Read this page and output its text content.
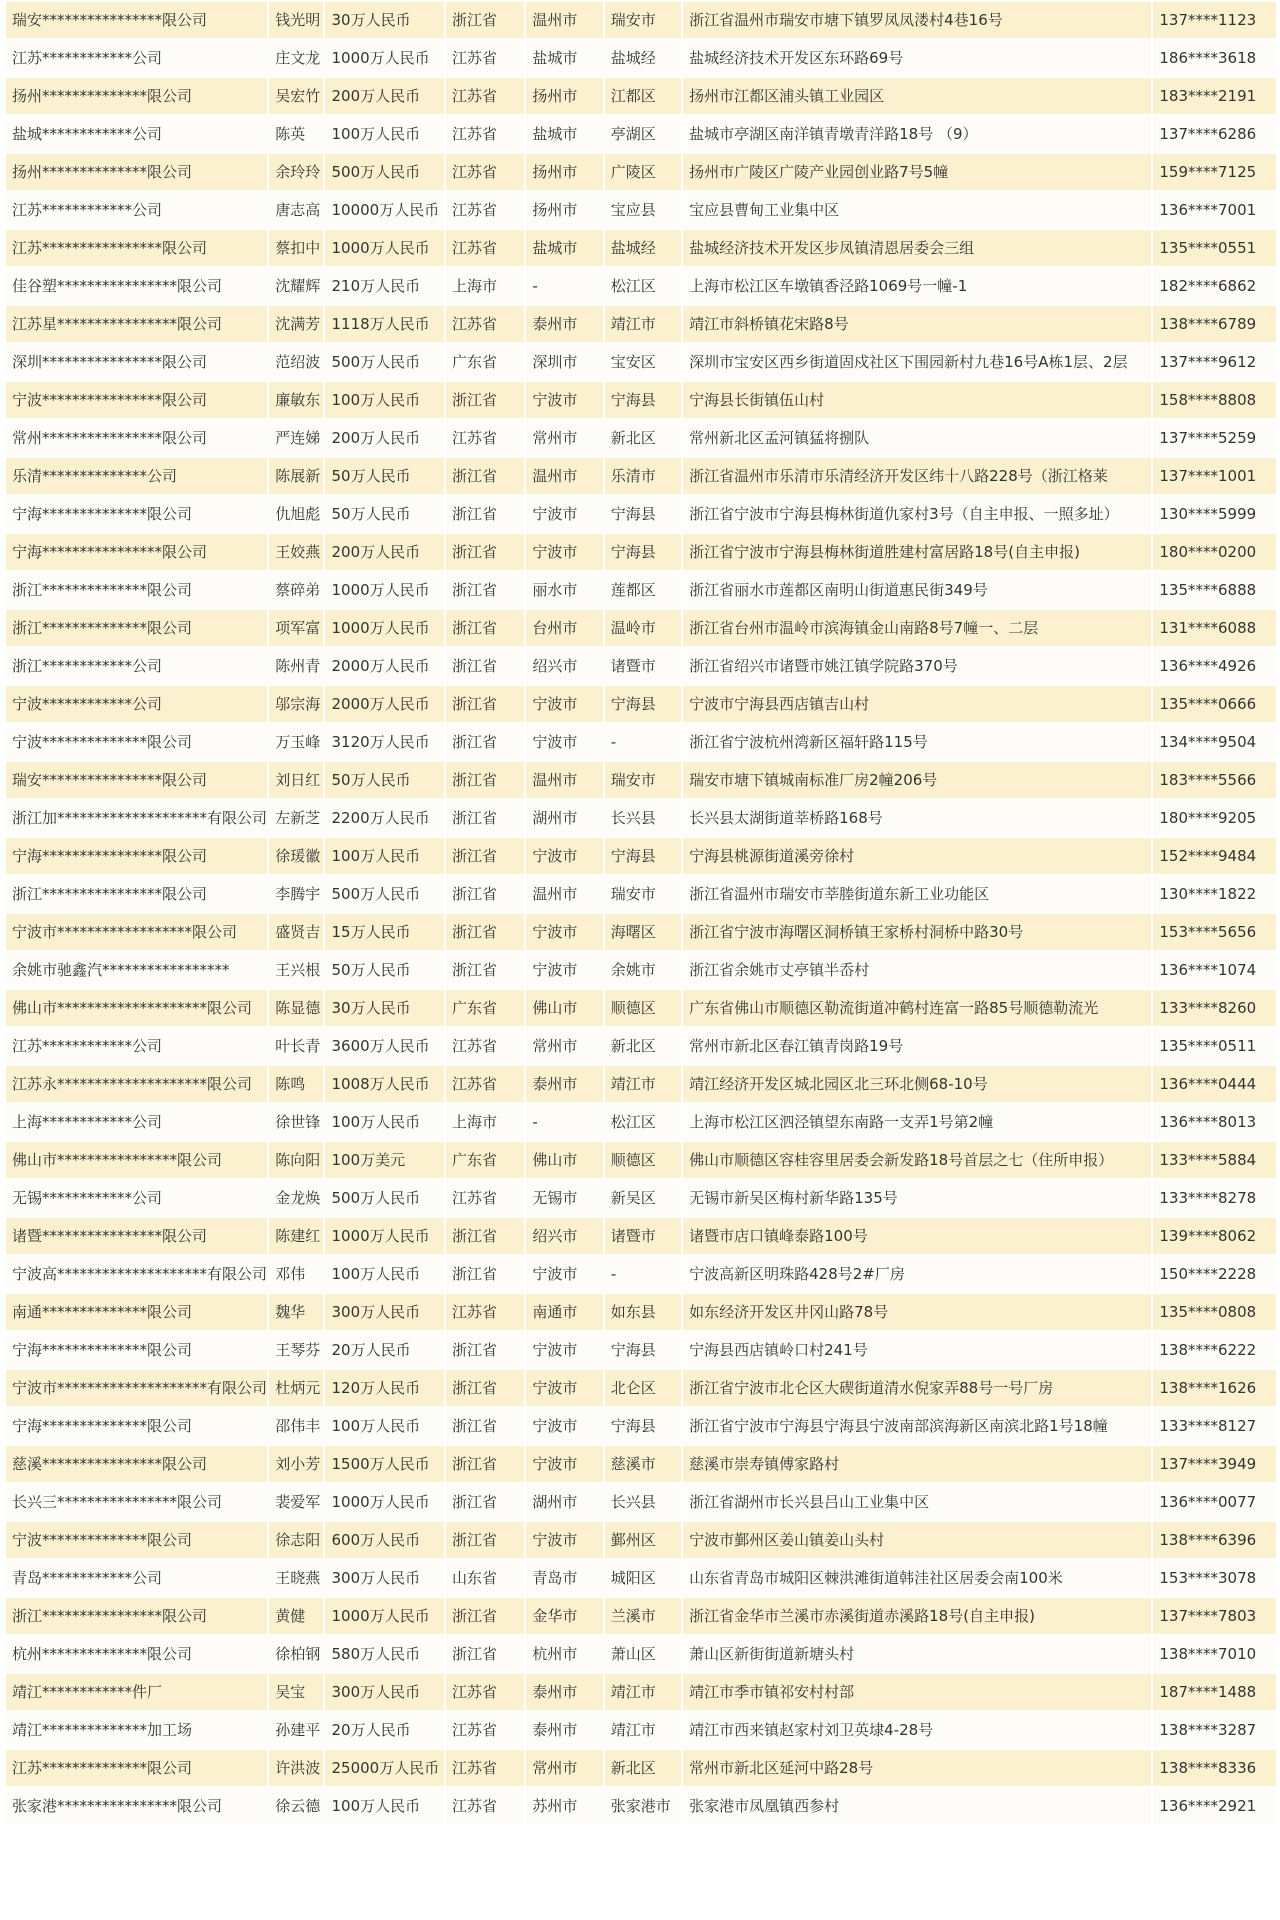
瑞安****************限公司	钱光明	30万人民币	浙江省	温州市	瑞安市	浙江省温州市瑞安市塘下镇罗凤凤溇村4巷16号	137****1123
江苏************公司	庄文龙	1000万人民币	江苏省	盐城市	盐城经	盐城经济技术开发区东环路69号	186****3618
扬州**************限公司	吴宏竹	200万人民币	江苏省	扬州市	江都区	扬州市江都区浦头镇工业园区	183****2191
盐城************公司	陈英	100万人民币	江苏省	盐城市	亭湖区	盐城市亭湖区南洋镇青墩青洋路18号 （9）	137****6286
扬州**************限公司	余玲玲	500万人民币	江苏省	扬州市	广陵区	扬州市广陵区广陵产业园创业路7号5幢	159****7125
江苏************公司	唐志高	10000万人民币	江苏省	扬州市	宝应县	宝应县曹甸工业集中区	136****7001
江苏****************限公司	蔡扣中	1000万人民币	江苏省	盐城市	盐城经	盐城经济技术开发区步凤镇清恩居委会三组	135****0551
佳谷塑****************限公司	沈耀辉	210万人民币	上海市	-	松江区	上海市松江区车墩镇香泾路1069号一幢-1	182****6862
江苏星****************限公司	沈满芳	1118万人民币	江苏省	泰州市	靖江市	靖江市斜桥镇花宋路8号	138****6789
深圳****************限公司	范绍波	500万人民币	广东省	深圳市	宝安区	深圳市宝安区西乡街道固戍社区下围园新村九巷16号A栋1层、2层	137****9612
宁波****************限公司	廉敏东	100万人民币	浙江省	宁波市	宁海县	宁海县长街镇伍山村	158****8808
常州****************限公司	严连娣	200万人民币	江苏省	常州市	新北区	常州新北区孟河镇猛将捌队	137****5259
乐清**************公司	陈展新	50万人民币	浙江省	温州市	乐清市	浙江省温州市乐清市乐清经济开发区纬十八路228号（浙江格莱	137****1001
宁海**************限公司	仇旭彪	50万人民币	浙江省	宁波市	宁海县	浙江省宁波市宁海县梅林街道仇家村3号（自主申报、一照多址）	130****5999
宁海****************限公司	王姣燕	200万人民币	浙江省	宁波市	宁海县	浙江省宁波市宁海县梅林街道胜建村富居路18号(自主申报)	180****0200
浙江**************限公司	蔡碎弟	1000万人民币	浙江省	丽水市	莲都区	浙江省丽水市莲都区南明山街道惠民街349号	135****6888
浙江**************限公司	项军富	1000万人民币	浙江省	台州市	温岭市	浙江省台州市温岭市滨海镇金山南路8号7幢一、二层	131****6088
浙江************公司	陈州青	2000万人民币	浙江省	绍兴市	诸暨市	浙江省绍兴市诸暨市姚江镇学院路370号	136****4926
宁波************公司	邬宗海	2000万人民币	浙江省	宁波市	宁海县	宁波市宁海县西店镇吉山村	135****0666
宁波**************限公司	万玉峰	3120万人民币	浙江省	宁波市	-	浙江省宁波杭州湾新区福轩路115号	134****9504
瑞安****************限公司	刘日红	50万人民币	浙江省	温州市	瑞安市	瑞安市塘下镇城南标准厂房2幢206号	183****5566
浙江加********************有限公司	左新芝	2200万人民币	浙江省	湖州市	长兴县	长兴县太湖街道莘桥路168号	180****9205
宁海****************限公司	徐瑗徽	100万人民币	浙江省	宁波市	宁海县	宁海县桃源街道溪旁徐村	152****9484
浙江****************限公司	李腾宇	500万人民币	浙江省	温州市	瑞安市	浙江省温州市瑞安市莘塍街道东新工业功能区	130****1822
宁波市******************限公司	盛贤吉	15万人民币	浙江省	宁波市	海曙区	浙江省宁波市海曙区洞桥镇王家桥村洞桥中路30号	153****5656
余姚市驰鑫汽*****************	王兴根	50万人民币	浙江省	宁波市	余姚市	浙江省余姚市丈亭镇半岙村	136****1074
佛山市********************限公司	陈显德	30万人民币	广东省	佛山市	顺德区	广东省佛山市顺德区勒流街道冲鹤村连富一路85号顺德勒流光	133****8260
江苏************公司	叶长青	3600万人民币	江苏省	常州市	新北区	常州市新北区春江镇青岗路19号	135****0511
江苏永********************限公司	陈鸣	1008万人民币	江苏省	泰州市	靖江市	靖江经济开发区城北园区北三环北侧68-10号	136****0444
上海************公司	徐世锋	100万人民币	上海市	-	松江区	上海市松江区泗泾镇望东南路一支弄1号第2幢	136****8013
佛山市****************限公司	陈向阳	100万美元	广东省	佛山市	顺德区	佛山市顺德区容桂容里居委会新发路18号首层之七（住所申报）	133****5884
无锡************公司	金龙焕	500万人民币	江苏省	无锡市	新吴区	无锡市新吴区梅村新华路135号	133****8278
诸暨****************限公司	陈建红	1000万人民币	浙江省	绍兴市	诸暨市	诸暨市店口镇峰泰路100号	139****8062
宁波高********************有限公司	邓伟	100万人民币	浙江省	宁波市	-	宁波高新区明珠路428号2#厂房	150****2228
南通**************限公司	魏华	300万人民币	江苏省	南通市	如东县	如东经济开发区井冈山路78号	135****0808
宁海**************限公司	王琴芬	20万人民币	浙江省	宁波市	宁海县	宁海县西店镇岭口村241号	138****6222
宁波市********************有限公司	杜炳元	120万人民币	浙江省	宁波市	北仑区	浙江省宁波市北仑区大碶街道清水倪家弄88号一号厂房	138****1626
宁海**************限公司	邵伟丰	100万人民币	浙江省	宁波市	宁海县	浙江省宁波市宁海县宁海县宁波南部滨海新区南滨北路1号18幢	133****8127
慈溪****************限公司	刘小芳	1500万人民币	浙江省	宁波市	慈溪市	慈溪市崇寿镇傅家路村	137****3949
长兴三****************限公司	裴爱军	1000万人民币	浙江省	湖州市	长兴县	浙江省湖州市长兴县吕山工业集中区	136****0077
宁波**************限公司	徐志阳	600万人民币	浙江省	宁波市	鄞州区	宁波市鄞州区姜山镇姜山头村	138****6396
青岛************公司	王晓燕	300万人民币	山东省	青岛市	城阳区	山东省青岛市城阳区棘洪滩街道韩洼社区居委会南100米	153****3078
浙江****************限公司	黄健	1000万人民币	浙江省	金华市	兰溪市	浙江省金华市兰溪市赤溪街道赤溪路18号(自主申报)	137****7803
杭州**************限公司	徐柏钢	580万人民币	浙江省	杭州市	萧山区	萧山区新街街道新塘头村	138****7010
靖江************件厂	吴宝	300万人民币	江苏省	泰州市	靖江市	靖江市季市镇祁安村村部	187****1488
靖江**************加工场	孙建平	20万人民币	江苏省	泰州市	靖江市	靖江市西来镇赵家村刘卫英埭4-28号	138****3287
江苏**************限公司	许洪波	25000万人民币	江苏省	常州市	新北区	常州市新北区延河中路28号	138****8336
张家港****************限公司	徐云德	100万人民币	江苏省	苏州市	张家港市	张家港市凤凰镇西参村	136****2921
